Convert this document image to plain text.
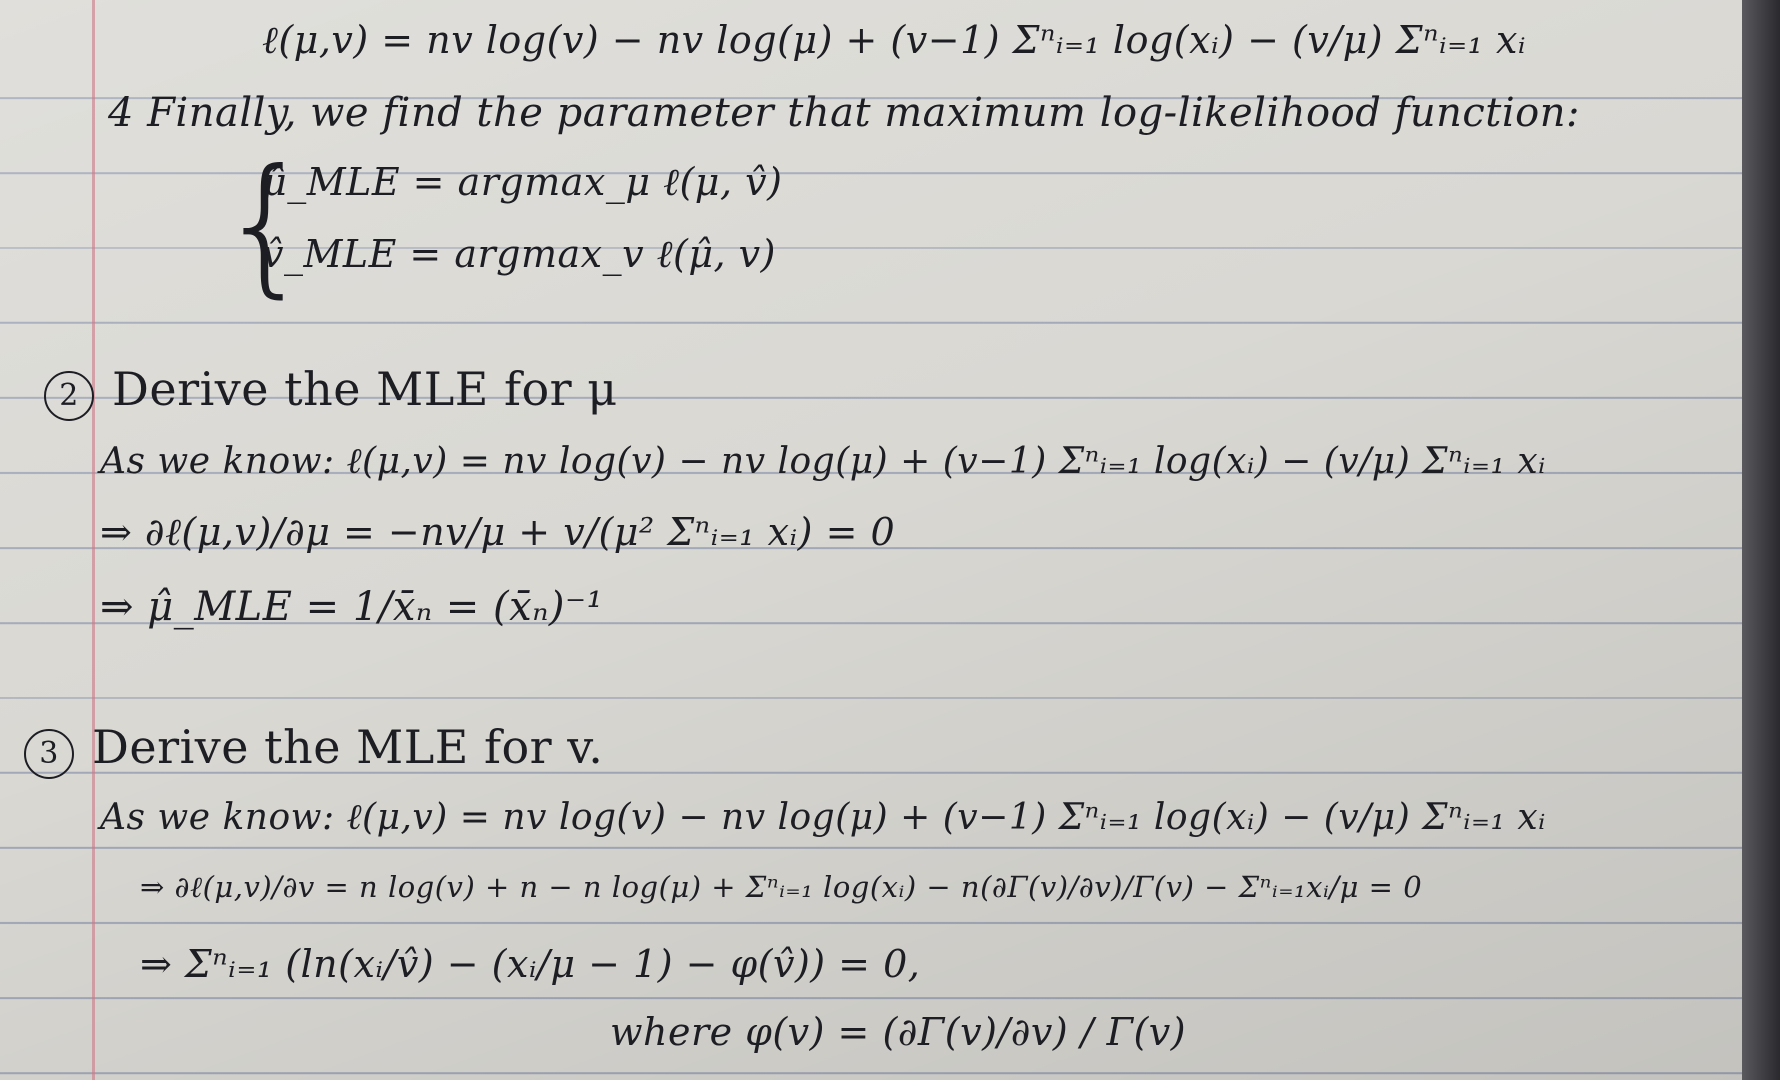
ℓ(μ,v) = nv log(v) − nv log(μ) + (v−1) Σⁿᵢ₌₁ log(xᵢ) − (v/μ) Σⁿᵢ₌₁ xᵢ
4 Finally, we find the parameter that maximum log-likelihood function:
{
μ̂_MLE = argmax_μ ℓ(μ, v̂)
v̂_MLE = argmax_v ℓ(μ̂, v)
2 Derive the MLE for μ
As we know: ℓ(μ,v) = nv log(v) − nv log(μ) + (v−1) Σⁿᵢ₌₁ log(xᵢ) − (v/μ) Σⁿᵢ₌₁ xᵢ
⇒ ∂ℓ(μ,v)/∂μ = −nv/μ + v/(μ² Σⁿᵢ₌₁ xᵢ) = 0
⇒ μ̂_MLE = 1/x̄ₙ = (x̄ₙ)⁻¹
3 Derive the MLE for v.
As we know: ℓ(μ,v) = nv log(v) − nv log(μ) + (v−1) Σⁿᵢ₌₁ log(xᵢ) − (v/μ) Σⁿᵢ₌₁ xᵢ
⇒ ∂ℓ(μ,v)/∂v = n log(v) + n − n log(μ) + Σⁿᵢ₌₁ log(xᵢ) − n(∂Γ(v)/∂v)/Γ(v) − Σⁿᵢ₌₁xᵢ/μ = 0
⇒ Σⁿᵢ₌₁ (ln(xᵢ/v̂) − (xᵢ/μ − 1) − φ(v̂)) = 0,
where φ(v) = (∂Γ(v)/∂v) / Γ(v)
